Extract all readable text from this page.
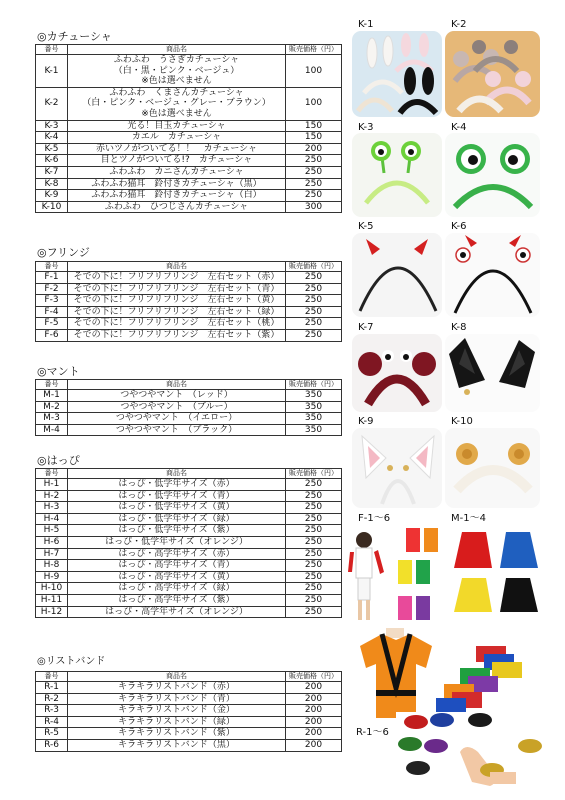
◎カチューシャ
◎フリンジ
◎マント
◎はっぴ
◎リストバンド
番号	商品名	販売価格（円）
K-1	ふわふわ　うさぎカチューシャ
（白・黒・ピンク・ベージュ）
※色は選べません	100
K-2	ふわふわ　くまさんカチューシャ
（白・ピンク・ベージュ・グレー・ブラウン）
※色は選べません	100
K-3	光る！目玉カチューシャ	150
K-4	カエル　カチューシャ	150
K-5	赤いツノがついてる！！　カチューシャ	200
K-6	目とツノがついてる!?　カチューシャ	250
K-7	ふわふわ　カニさんカチューシャ	250
K-8	ふわふわ猫耳　鈴付きカチューシャ（黒）	250
K-9	ふわふわ猫耳　鈴付きカチューシャ（白）	250
K-10	ふわふわ　ひつじさんカチューシャ	300
番号	商品名	販売価格（円）
F-1	そでの下に！フリフリフリンジ　左右セット（赤）	250
F-2	そでの下に！フリフリフリンジ　左右セット（青）	250
F-3	そでの下に！フリフリフリンジ　左右セット（黄）	250
F-4	そでの下に！フリフリフリンジ　左右セット（緑）	250
F-5	そでの下に！フリフリフリンジ　左右セット（桃）	250
F-6	そでの下に！フリフリフリンジ　左右セット（紫）	250
番号	商品名	販売価格（円）
M-1	つやつやマント　（レッド）	350
M-2	つやつやマント　（ブルー）	350
M-3	つやつやマント　（イエロー）	350
M-4	つやつやマント　（ブラック）	350
番号	商品名	販売価格（円）
H-1	はっぴ・低学年サイズ（赤）	250
H-2	はっぴ・低学年サイズ（青）	250
H-3	はっぴ・低学年サイズ（黄）	250
H-4	はっぴ・低学年サイズ（緑）	250
H-5	はっぴ・低学年サイズ（紫）	250
H-6	はっぴ・低学年サイズ（オレンジ）	250
H-7	はっぴ・高学年サイズ（赤）	250
H-8	はっぴ・高学年サイズ（青）	250
H-9	はっぴ・高学年サイズ（黄）	250
H-10	はっぴ・高学年サイズ（緑）	250
H-11	はっぴ・高学年サイズ（紫）	250
H-12	はっぴ・高学年サイズ（オレンジ）	250
番号	商品名	販売価格（円）
R-1	キラキラリストバンド（赤）	200
R-2	キラキラリストバンド（青）	200
R-3	キラキラリストバンド（金）	200
R-4	キラキラリストバンド（緑）	200
R-5	キラキラリストバンド（紫）	200
R-6	キラキラリストバンド（黒）	200
K-1	K-2
K-3	K-4
K-5	K-6
K-7	K-8
K-9	K-10
F-1～6	M-1～4
R-1～6
